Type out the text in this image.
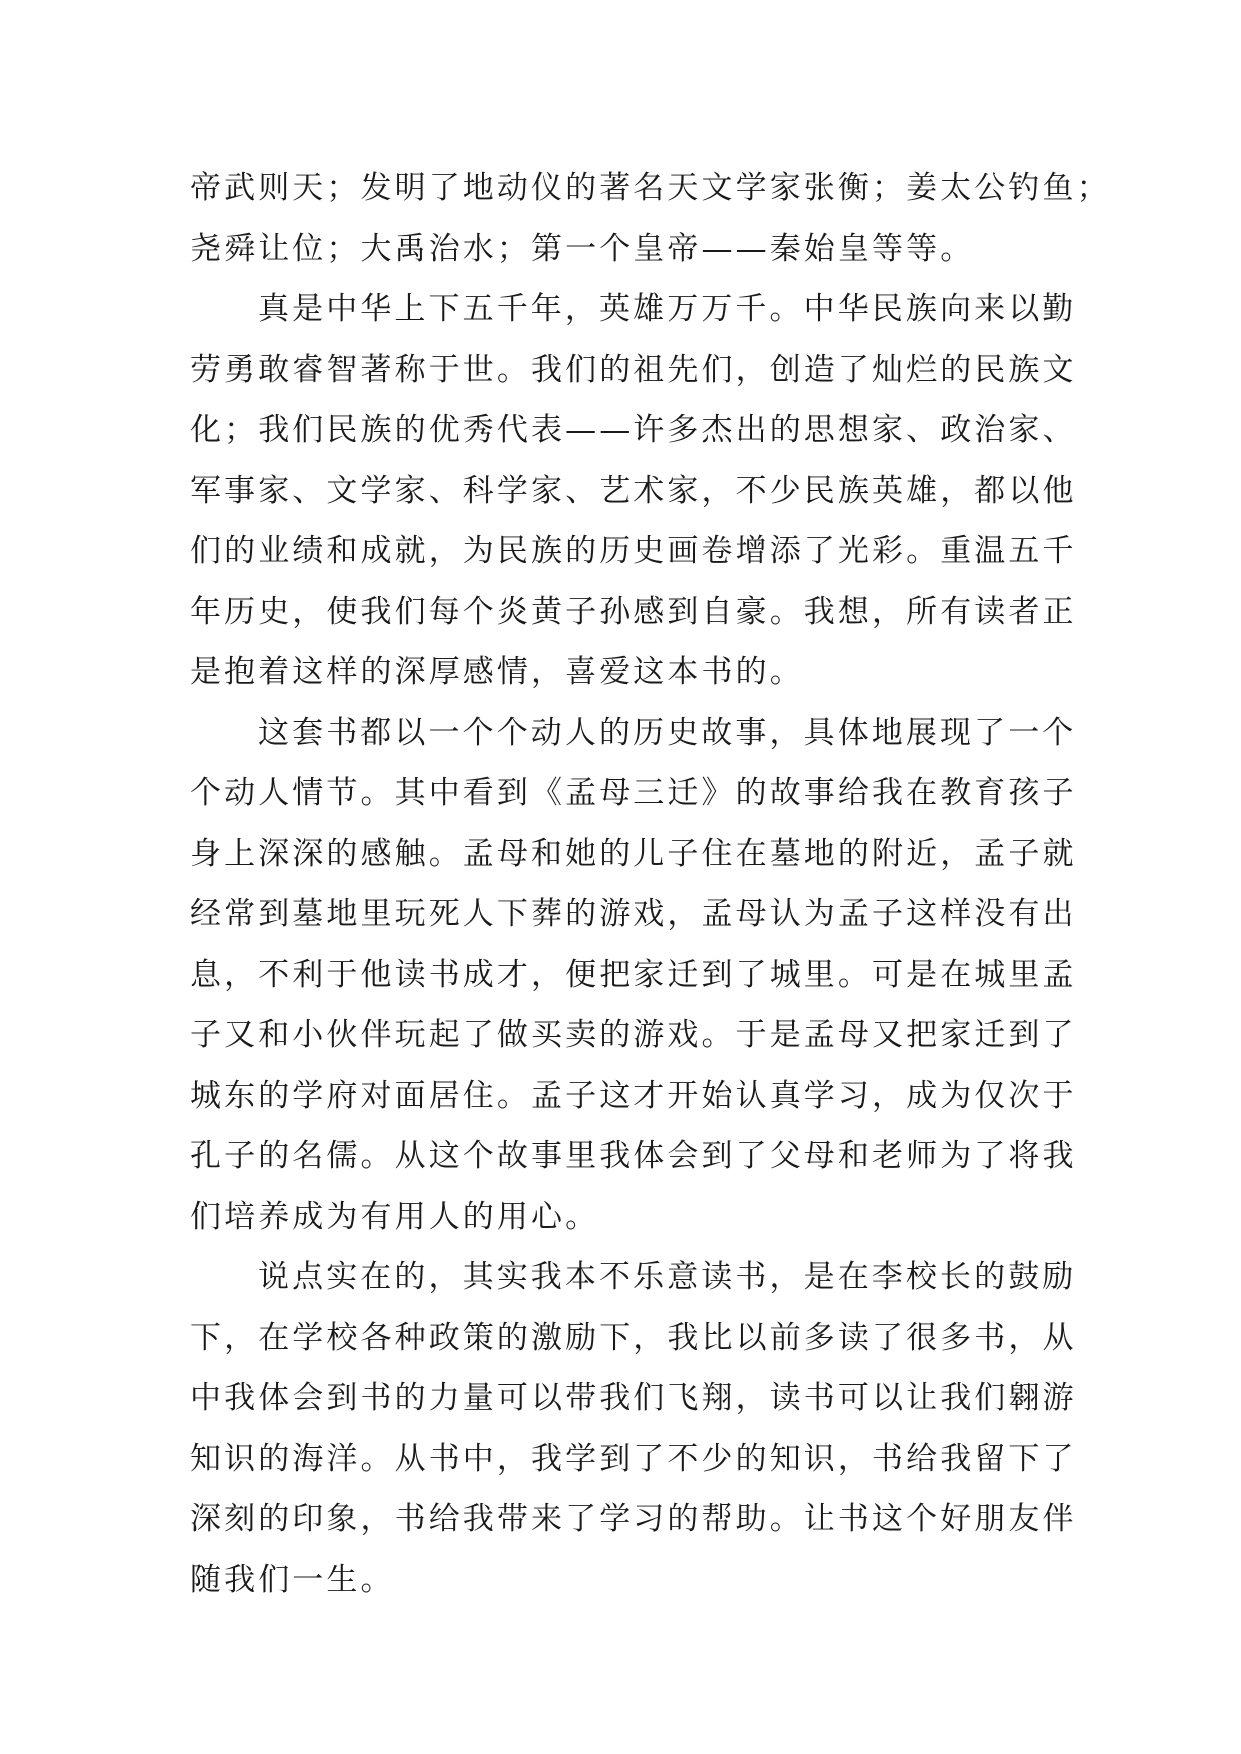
帝武则天；发明了地动仪的著名天文学家张衡；姜太公钓鱼；
尧舜让位；大禹治水；第一个皇帝——秦始皇等等。
真是中华上下五千年，英雄万万千。中华民族向来以勤
劳勇敢睿智著称于世。我们的祖先们，创造了灿烂的民族文
化；我们民族的优秀代表——许多杰出的思想家、政治家、
军事家、文学家、科学家、艺术家，不少民族英雄，都以他
们的业绩和成就，为民族的历史画卷增添了光彩。重温五千
年历史，使我们每个炎黄子孙感到自豪。我想，所有读者正
是抱着这样的深厚感情，喜爱这本书的。
这套书都以一个个动人的历史故事，具体地展现了一个
个动人情节。其中看到《孟母三迁》的故事给我在教育孩子
身上深深的感触。孟母和她的儿子住在墓地的附近，孟子就
经常到墓地里玩死人下葬的游戏，孟母认为孟子这样没有出
息，不利于他读书成才，便把家迁到了城里。可是在城里孟
子又和小伙伴玩起了做买卖的游戏。于是孟母又把家迁到了
城东的学府对面居住。孟子这才开始认真学习，成为仅次于
孔子的名儒。从这个故事里我体会到了父母和老师为了将我
们培养成为有用人的用心。
说点实在的，其实我本不乐意读书，是在李校长的鼓励
下，在学校各种政策的激励下，我比以前多读了很多书，从
中我体会到书的力量可以带我们飞翔，读书可以让我们翱游
知识的海洋。从书中，我学到了不少的知识，书给我留下了
深刻的印象，书给我带来了学习的帮助。让书这个好朋友伴
随我们一生。
